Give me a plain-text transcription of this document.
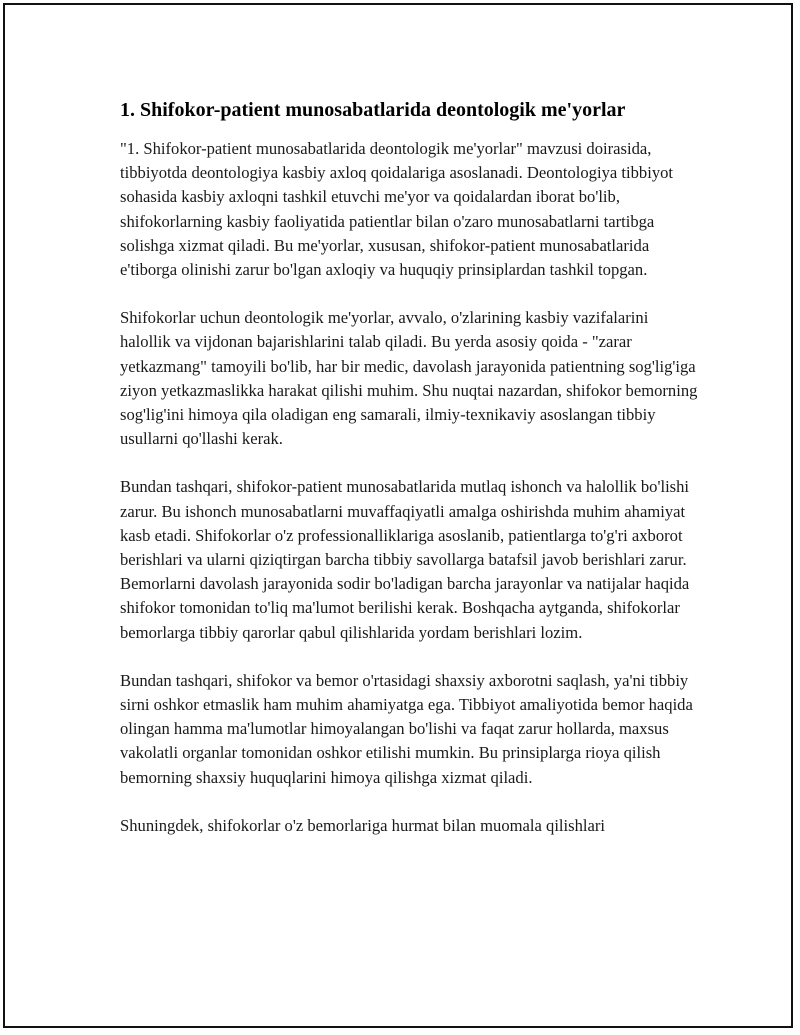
1. Shifokor-patient munosabatlarida deontologik me'yorlar

"1. Shifokor-patient munosabatlarida deontologik me'yorlar" mavzusi doirasida, tibbiyotda deontologiya kasbiy axloq qoidalariga asoslanadi. Deontologiya tibbiyot sohasida kasbiy axloqni tashkil etuvchi me'yor va qoidalardan iborat bo'lib, shifokorlarning kasbiy faoliyatida patientlar bilan o'zaro munosabatlarni tartibga solishga xizmat qiladi. Bu me'yorlar, xususan, shifokor-patient munosabatlarida e'tiborga olinishi zarur bo'lgan axloqiy va huquqiy prinsiplardan tashkil topgan.

Shifokorlar uchun deontologik me'yorlar, avvalo, o'zlarining kasbiy vazifalarini halollik va vijdonan bajarishlarini talab qiladi. Bu yerda asosiy qoida - "zarar yetkazmang" tamoyili bo'lib, har bir medic, davolash jarayonida patientning sog'lig'iga ziyon yetkazmaslikka harakat qilishi muhim. Shu nuqtai nazardan, shifokor bemorning sog'lig'ini himoya qila oladigan eng samarali, ilmiy-texnikaviy asoslangan tibbiy usullarni qo'llashi kerak.

Bundan tashqari, shifokor-patient munosabatlarida mutlaq ishonch va halollik bo'lishi zarur. Bu ishonch munosabatlarni muvaffaqiyatli amalga oshirishda muhim ahamiyat kasb etadi. Shifokorlar o'z professionalliklariga asoslanib, patientlarga to'g'ri axborot berishlari va ularni qiziqtirgan barcha tibbiy savollarga batafsil javob berishlari zarur. Bemorlarni davolash jarayonida sodir bo'ladigan barcha jarayonlar va natijalar haqida shifokor tomonidan to'liq ma'lumot berilishi kerak. Boshqacha aytganda, shifokorlar bemorlarga tibbiy qarorlar qabul qilishlarida yordam berishlari lozim.

Bundan tashqari, shifokor va bemor o'rtasidagi shaxsiy axborotni saqlash, ya'ni tibbiy sirni oshkor etmaslik ham muhim ahamiyatga ega. Tibbiyot amaliyotida bemor haqida olingan hamma ma'lumotlar himoyalangan bo'lishi va faqat zarur hollarda, maxsus vakolatli organlar tomonidan oshkor etilishi mumkin. Bu prinsiplarga rioya qilish bemorning shaxsiy huquqlarini himoya qilishga xizmat qiladi.

Shuningdek, shifokorlar o'z bemorlariga hurmat bilan muomala qilishlari
